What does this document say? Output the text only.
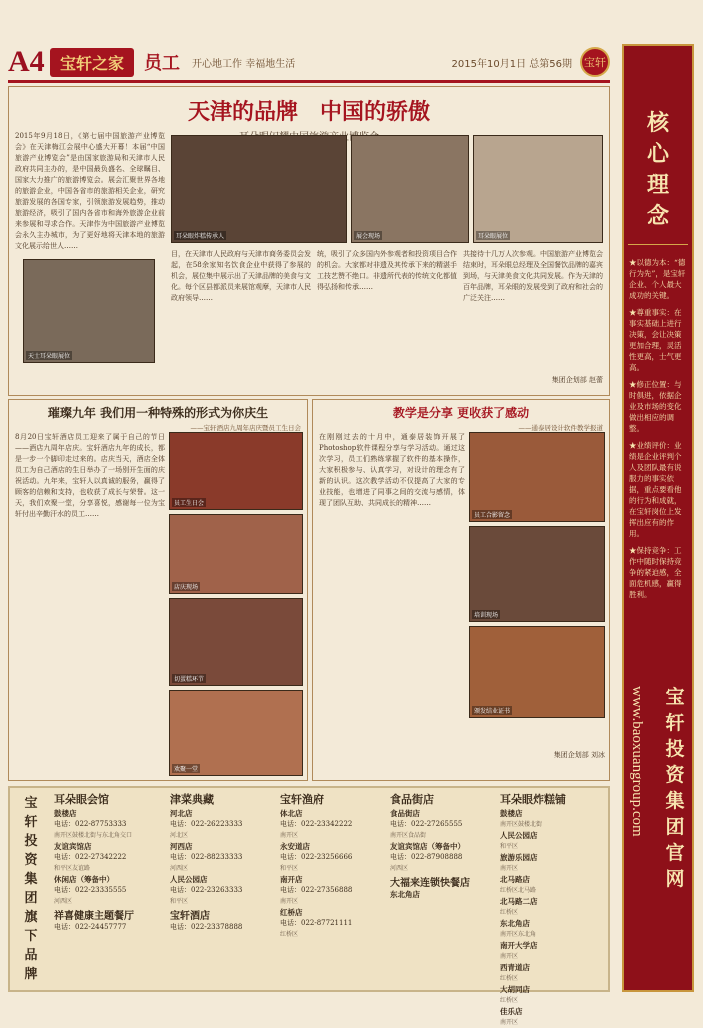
A4 宝轩之家	员工 开心地工作 幸福地生活	2015年10月1日 总第56期 宝轩
天津的品牌　中国的骄傲
2015年9月18日，《第七届中国旅游产业博览会》在天津梅江会展中心盛大开幕！本届“中国旅游产业博览会”是由国家旅游局和天津市人民政府共同主办的，是中国最负盛名、全球瞩目、国家大力推广的旅游博览会。展会汇聚世界各地的旅游企业，中国各省市的旅游相关企业，研究旅游发展的各国专家，引领旅游发展趋势，推动旅游经济，吸引了国内各省市和海外旅游企业前来参展和寻求合作。天津作为中国旅游产业博览会永久主办城市，为了更好地将天津本地的旅游文化展示给世人……
耳朵眼炸糕传承人	展会现场	耳朵眼展位
天士耳朵眼展位
目，在天津市人民政府与天津市商务委员会发起，在58余家知名饮食企业中获得了参展的机会，展位集中展示出了天津品牌的美食与文化。每个区县都派员来展馆观摩，天津市人民政府领导……
统，吸引了众多国内外参观者和投资项目合作的机会。大家都对非遗及其传承下来的精湛手工技艺赞不绝口。非遗所代表的传统文化都值得弘扬和传承……
共接待十几万人次参观。中国旅游产业博览会结束时，耳朵眼总经理及全国餐饮品牌的嘉宾到场，与天津美食文化共同发展。作为天津的百年品牌，耳朵眼的发展受到了政府和社会的广泛关注……
集团企划部 赵蕾
璀璨九年 我们用一种特殊的形式为你庆生
——宝轩酒店九周年店庆暨员工生日会
8月20日宝轩酒店员工迎来了属于自己的节日——酒店九周年店庆。宝轩酒店九年的成长，都是一步一个脚印走过来的。店庆当天，酒店全体员工为自己酒店的生日举办了一场别开生面的庆祝活动。九年来，宝轩人以真诚的服务，赢得了顾客的信赖和支持，也收获了成长与荣誉。这一天，我们欢聚一堂，分享喜悦，感谢每一位为宝轩付出辛勤汗水的员工……
员工生日会
店庆现场
切蛋糕环节
欢聚一堂
教学是分享 更收获了感动
——通泰居设计软件教学报道
在刚刚过去的十月中，通泰居装饰开展了Photoshop软件课程分享与学习活动。通过这次学习，员工们熟练掌握了软件的基本操作，大家积极参与、认真学习，对设计的理念有了新的认识。这次教学活动不仅提高了大家的专业技能，也增进了同事之间的交流与感情，体现了团队互助、共同成长的精神……
员工合影留念
培训现场
颁发结业证书
集团企划部 刘冰
宝
轩
投
资
集
团
旗
下
品
牌
耳朵眼会馆
鼓楼店
电话：022-87753333
南开区鼓楼北街与东北角交口
友谊宾馆店
电话：022-27342222
和平区友谊路
休闲店（筹备中）
电话：022-23335555
河西区
祥喜健康主题餐厅
电话：022-24457777
津菜典藏
河北店
电话：022-26223333
河北区
河西店
电话：022-88233333
河西区
人民公园店
电话：022-23263333
和平区
宝轩酒店
电话：022-23378888
宝轩渔府
体北店
电话：022-23342222
南开区
永安道店
电话：022-23256666
和平区
南开店
电话：022-27356888
南开区
红桥店
电话：022-87721111
红桥区
食品街店
食品街店
电话：022-27265555
南开区食品街
友谊宾馆店（筹备中）
电话：022-87908888
河西区
大福来连锁快餐店
东北角店
耳朵眼炸糕铺
鼓楼店
南开区鼓楼北街
人民公园店
和平区
旅游乐园店
南开区
北马路店
红桥区北马路
北马路二店
红桥区
东北角店
南开区东北角
南开大学店
南开区
西青道店
红桥区
大胡同店
红桥区
佳乐店
南开区
核
心
理
念
★以德为本：“德行为先”，是宝轩企业、个人最大成功的关键。
★尊重事实：在事实基础上进行决策，会让决策更加合理，灵活性更高，士气更高。
★修正位置：与时俱进，依据企业及市场的变化做出相应的调整。
★业绩评价：业绩是企业评判个人及团队最有说服力的事实依据，重点要看他的行为和成就，在宝轩岗位上发挥出应有的作用。
★保持竞争：工作中随时保持竞争的紧迫感，全面危机感，赢得胜利。
www.baoxuangroup.com 宝
轩
投
资
集
团
官
网
